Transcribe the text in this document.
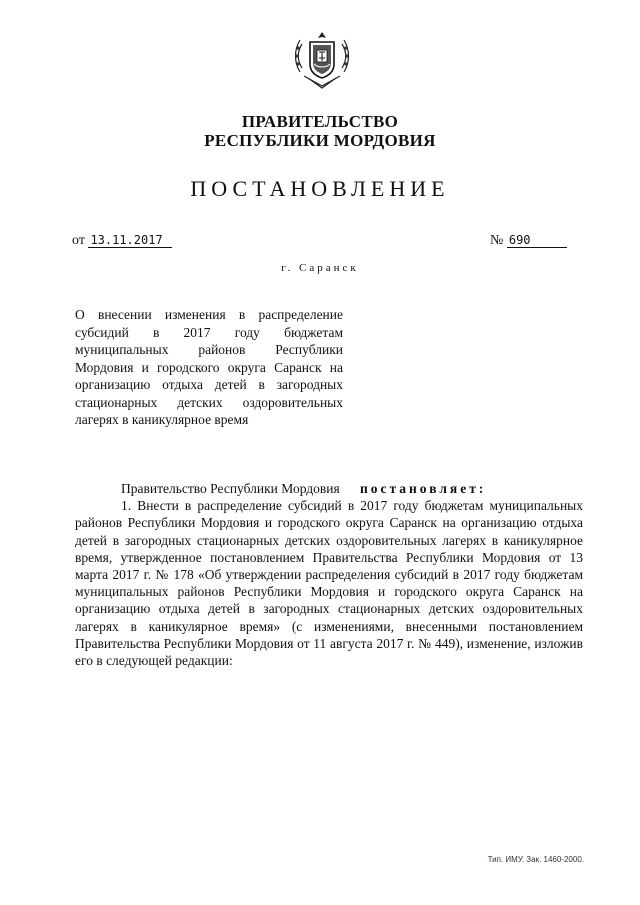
ПРАВИТЕЛЬСТВО
РЕСПУБЛИКИ МОРДОВИЯ
ПОСТАНОВЛЕНИЕ
от 13.11.2017	№ 690
г. Саранск
О внесении изменения в распределение субсидий в 2017 году бюджетам муниципальных районов Республики Мордовия и городского округа Саранск на организацию отдыха детей в загородных стационарных детских оздоровительных лагерях в каникулярное время

Правительство Республики Мордовия постановляет:

1. Внести в распределение субсидий в 2017 году бюджетам муниципальных районов Республики Мордовия и городского округа Саранск на организацию отдыха детей в загородных стационарных детских оздоровительных лагерях в каникулярное время, утвержденное постановлением Правительства Республики Мордовия от 13 марта 2017 г. № 178 «Об утверждении распределения субсидий в 2017 году бюджетам муниципальных районов Республики Мордовия и городского округа Саранск на организацию отдыха детей в загородных стационарных детских оздоровительных лагерях в каникулярное время» (с изменениями, внесенными постановлением Правительства Республики Мордовия от 11 августа 2017 г. № 449), изменение, изложив его в следующей редакции:

Тип. ИМУ. Зак. 1460-2000.
